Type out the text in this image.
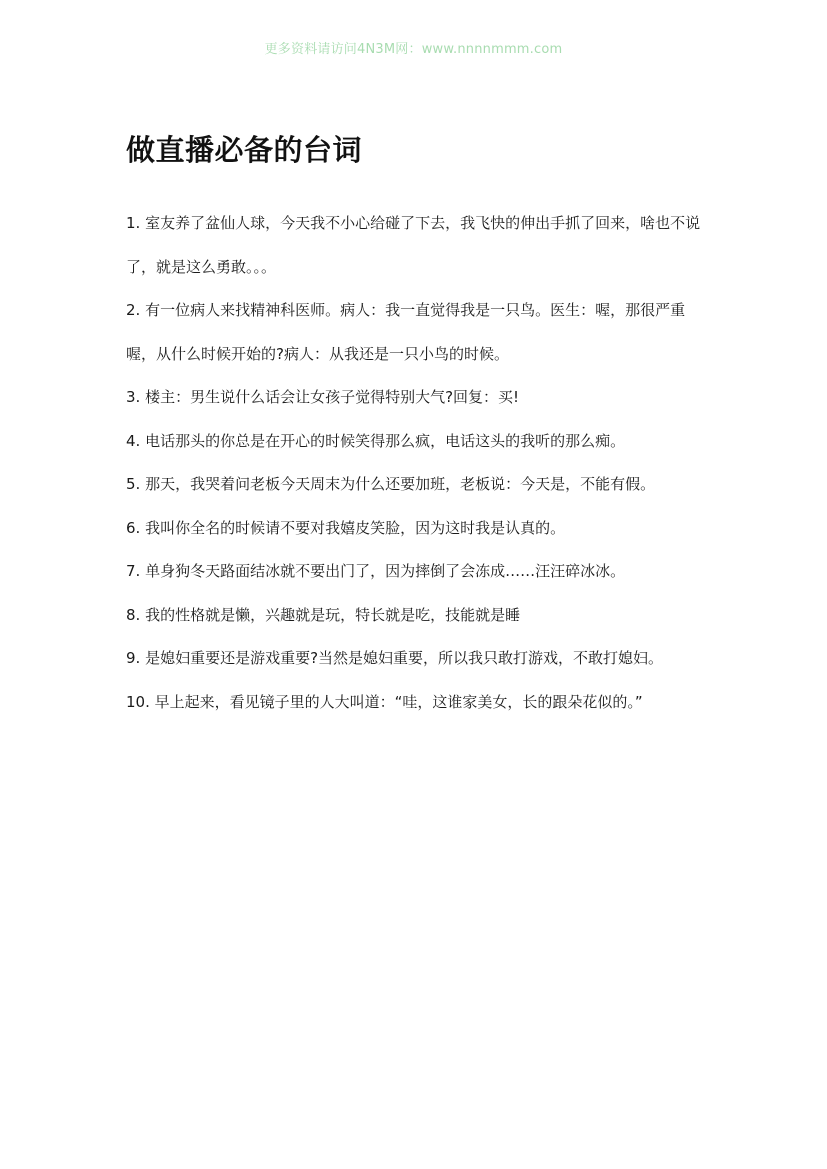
更多资料请访问4N3M网：www.nnnnmmm.com
做直播必备的台词

1. 室友养了盆仙人球，今天我不小心给碰了下去，我飞快的伸出手抓了回来，啥也不说了，就是这么勇敢。。。

2. 有一位病人来找精神科医师。病人：我一直觉得我是一只鸟。医生：喔，那很严重喔，从什么时候开始的?病人：从我还是一只小鸟的时候。

3. 楼主：男生说什么话会让女孩子觉得特别大气?回复：买!

4. 电话那头的你总是在开心的时候笑得那么疯，电话这头的我听的那么痴。

5. 那天，我哭着问老板今天周末为什么还要加班，老板说：今天是，不能有假。

6. 我叫你全名的时候请不要对我嬉皮笑脸，因为这时我是认真的。

7. 单身狗冬天路面结冰就不要出门了，因为摔倒了会冻成……汪汪碎冰冰。

8. 我的性格就是懒，兴趣就是玩，特长就是吃，技能就是睡

9. 是媳妇重要还是游戏重要?当然是媳妇重要，所以我只敢打游戏，不敢打媳妇。

10. 早上起来，看见镜子里的人大叫道：“哇，这谁家美女，长的跟朵花似的。”
